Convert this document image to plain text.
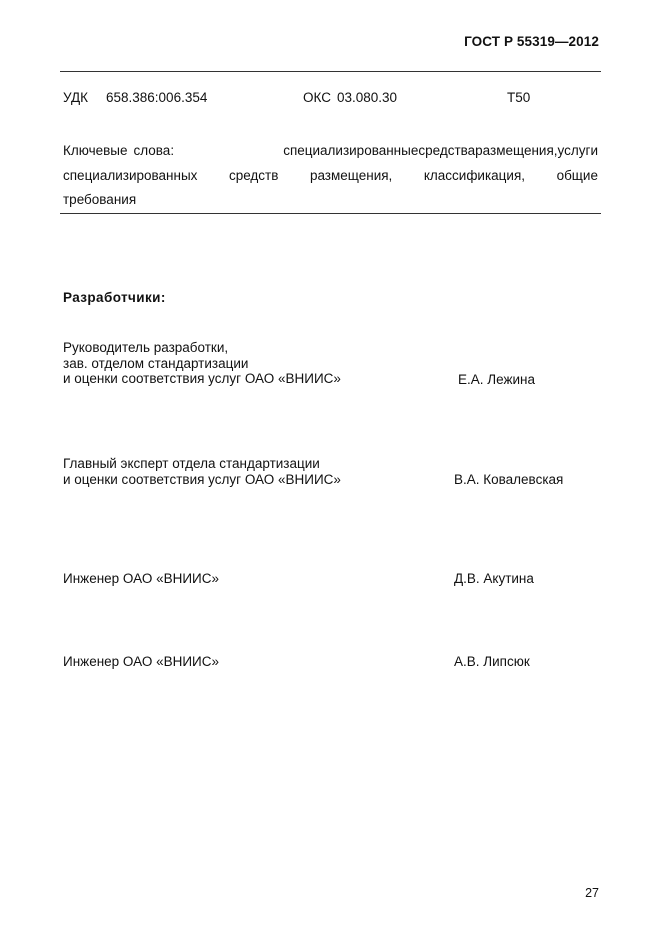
ГОСТ Р 55319—2012
УДК 658.386:006.354	ОКС 03.080.30	Т50
Ключевые слова:	специализированные средства размещения, услуги
специализированных средств размещения, классификация, общие
требования
Разработчики:
Руководитель разработки,
зав. отделом стандартизации
и оценки соответствия услуг ОАО «ВНИИС»	Е.А. Лежина
Главный эксперт отдела стандартизации
и оценки соответствия услуг ОАО «ВНИИС»	В.А. Ковалевская
Инженер ОАО «ВНИИС»	Д.В. Акутина
Инженер ОАО «ВНИИС»	А.В. Липсюк
27
